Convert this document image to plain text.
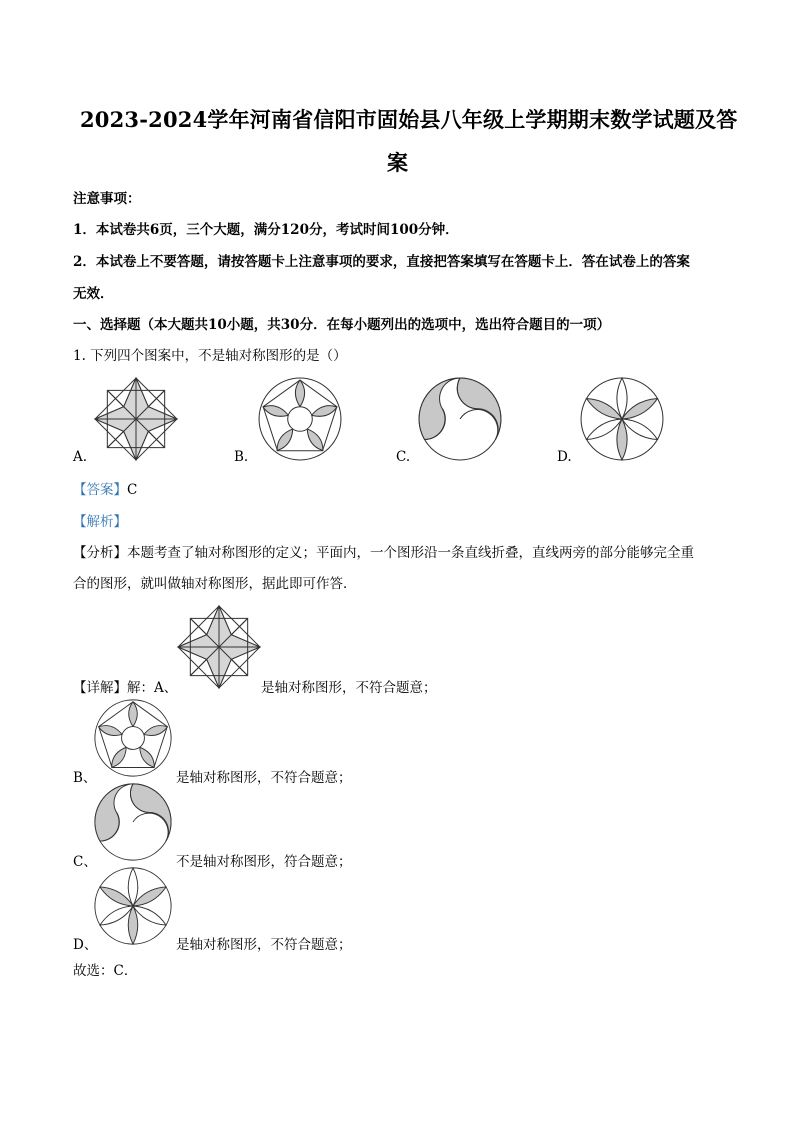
2023-2024学年河南省信阳市固始县八年级上学期期末数学试题及答
案
注意事项：
1．本试卷共6页，三个大题，满分120分，考试时间100分钟．
2．本试卷上不要答题，请按答题卡上注意事项的要求，直接把答案填写在答题卡上．答在试卷上的答案
无效．
一、选择题（本大题共10小题，共30分．在每小题列出的选项中，选出符合题目的一项）
1. 下列四个图案中，不是轴对称图形的是（）
A.	B.	C.	D.
【答案】C
【解析】
【分析】本题考查了轴对称图形的定义；平面内，一个图形沿一条直线折叠，直线两旁的部分能够完全重
合的图形，就叫做轴对称图形，据此即可作答．
【详解】解：A、	是轴对称图形，不符合题意；
B、	是轴对称图形，不符合题意；
C、	不是轴对称图形，符合题意；
D、	是轴对称图形，不符合题意；
故选：C．
